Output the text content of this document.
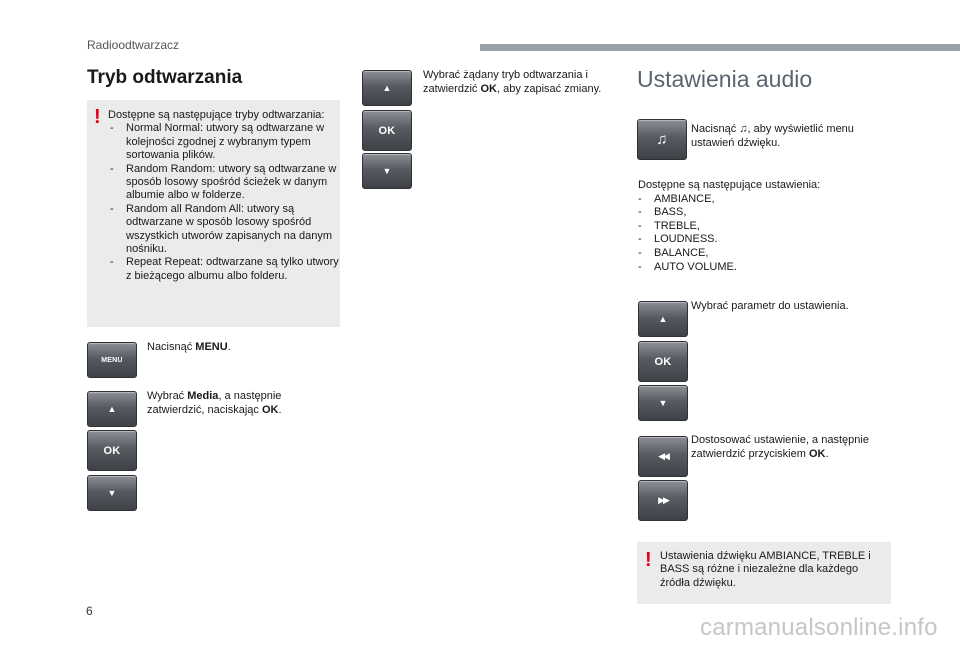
Radioodtwarzacz
Tryb odtwarzania
! Dostępne są następujące tryby odtwarzania:
- Normal Normal: utwory są odtwarzane w kolejności zgodnej z wybranym typem sortowania plików.
- Random Random: utwory są odtwarzane w sposób losowy spośród ścieżek w danym albumie albo w folderze.
- Random all Random All: utwory są odtwarzane w sposób losowy spośród wszystkich utworów zapisanych na danym nośniku.
- Repeat Repeat: odtwarzane są tylko utwory z bieżącego albumu albo folderu.
MENU
Nacisnąć MENU.
▲
OK
▼
Wybrać Media, a następnie zatwierdzić, naciskając OK.
▲
OK
▼
Wybrać żądany tryb odtwarzania i zatwierdzić OK, aby zapisać zmiany. Ustawienia audio
♫
Nacisnąć ♫, aby wyświetlić menu ustawień dźwięku.
Dostępne są następujące ustawienia:
- AMBIANCE,
- BASS,
- TREBLE,
- LOUDNESS.
- BALANCE,
- AUTO VOLUME.
▲
OK
▼
Wybrać parametr do ustawienia.
◀◀
▶▶
Dostosować ustawienie, a następnie zatwierdzić przyciskiem OK.
! Ustawienia dźwięku AMBIANCE, TREBLE i BASS są różne i niezależne dla każdego źródła dźwięku.
6
carmanualsonline.info
